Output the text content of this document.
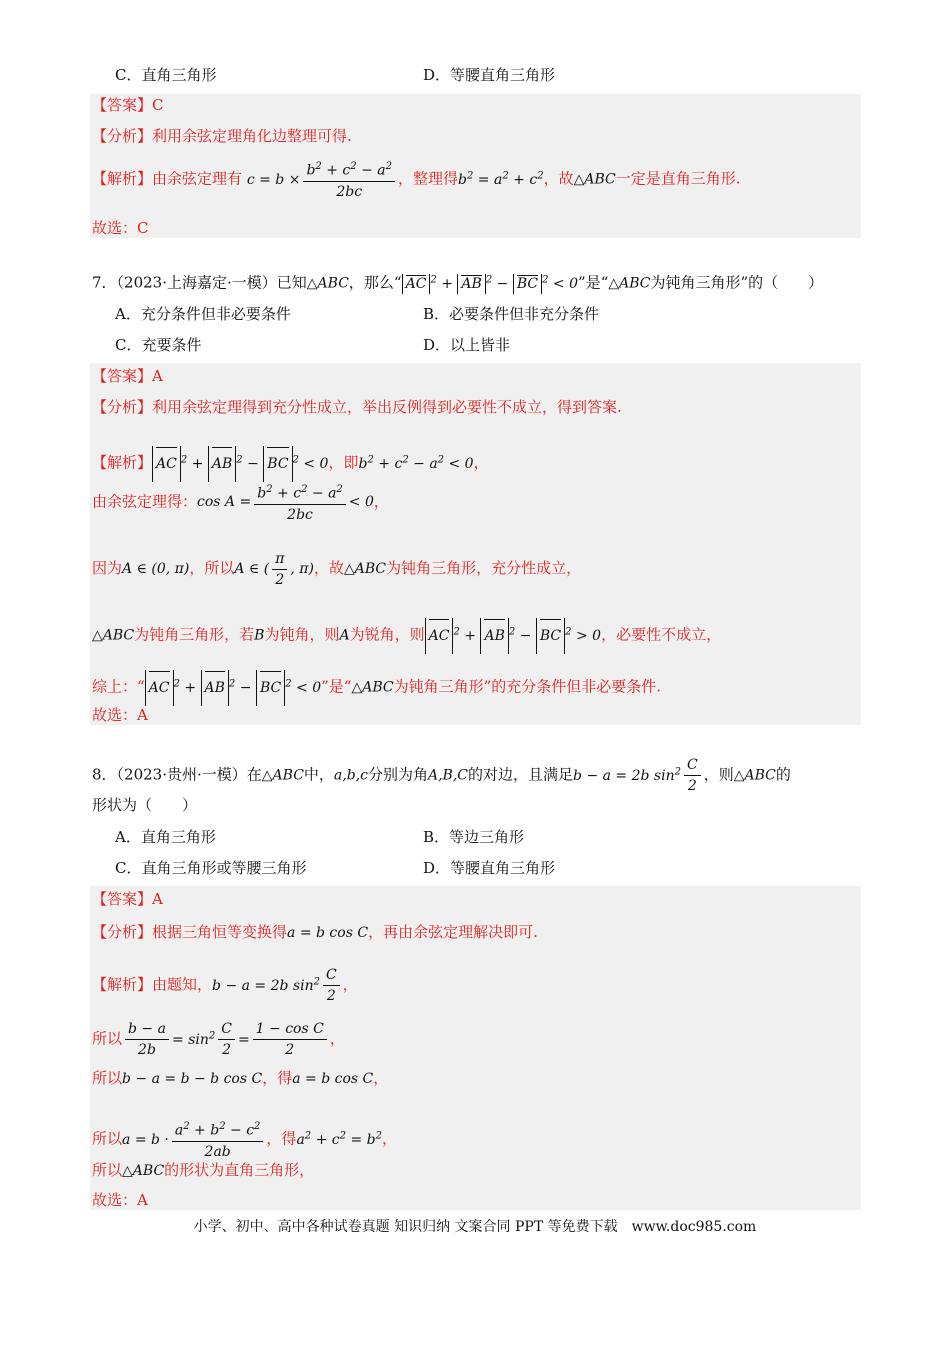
C．直角三角形	D．等腰直角三角形
【答案】C
【分析】利用余弦定理角化边整理可得.
【解析】由余弦定理有 $c = b \times \frac{b^2 + c^2 - a^2}{2bc}$ ，整理得$b^2 = a^2 + c^2$，故△ABC一定是直角三角形.
故选：C
7．（2023·上海嘉定·一模）已知△ABC，那么“ AC $^2$ + AB $^2$ − BC $^2$ < 0”是“△ABC为钝角三角形”的（　　）
A．充分条件但非必要条件	B．必要条件但非充分条件
C．充要条件	D．以上皆非
【答案】A
【分析】利用余弦定理得到充分性成立，举出反例得到必要性不成立，得到答案.
【解析】 AC $^2$ + AB $^2$ − BC $^2$ < 0，即$b^2 + c^2 - a^2 < 0$，
由余弦定理得：$\cos A = \frac{b^2 + c^2 - a^2}{2bc} < 0$，
因为A ∈ (0, π)，所以A ∈ ( $\frac{\pi}{2}$ , π)，故△ABC为钝角三角形，充分性成立，
△ABC为钝角三角形，若B为钝角，则A为锐角，则 AC $^2$ + AB $^2$ − BC $^2$ > 0，必要性不成立，
综上：“ AC $^2$ + AB $^2$ − BC $^2$ < 0”是“△ABC为钝角三角形”的充分条件但非必要条件.
故选：A
8．（2023·贵州·一模）在△ABC中，a,b,c分别为角A,B,C的对边，且满足b − a = 2b $\sin^2 \frac{C}{2}$ ，则△ABC的
形状为（　　）
A．直角三角形	B．等边三角形
C．直角三角形或等腰三角形	D．等腰直角三角形
【答案】A
【分析】根据三角恒等变换得a = b cos C，再由余弦定理解决即可.
【解析】由题知，b − a = 2b $\sin^2 \frac{C}{2}$ ，
所以 $\frac{b - a}{2b} = \sin^2 \frac{C}{2} = \frac{\text{1 − cos C}}{2}$ ，
所以b − a = b − b cos C，得a = b cos C，
所以$a = b \cdot \frac{a^2 + b^2 - c^2}{2ab}$ ，得$a^2 + c^2 = b^2$，
所以△ABC的形状为直角三角形，
故选：A
小学、初中、高中各种试卷真题 知识归纳 文案合同 PPT 等免费下载　www.doc985.com
